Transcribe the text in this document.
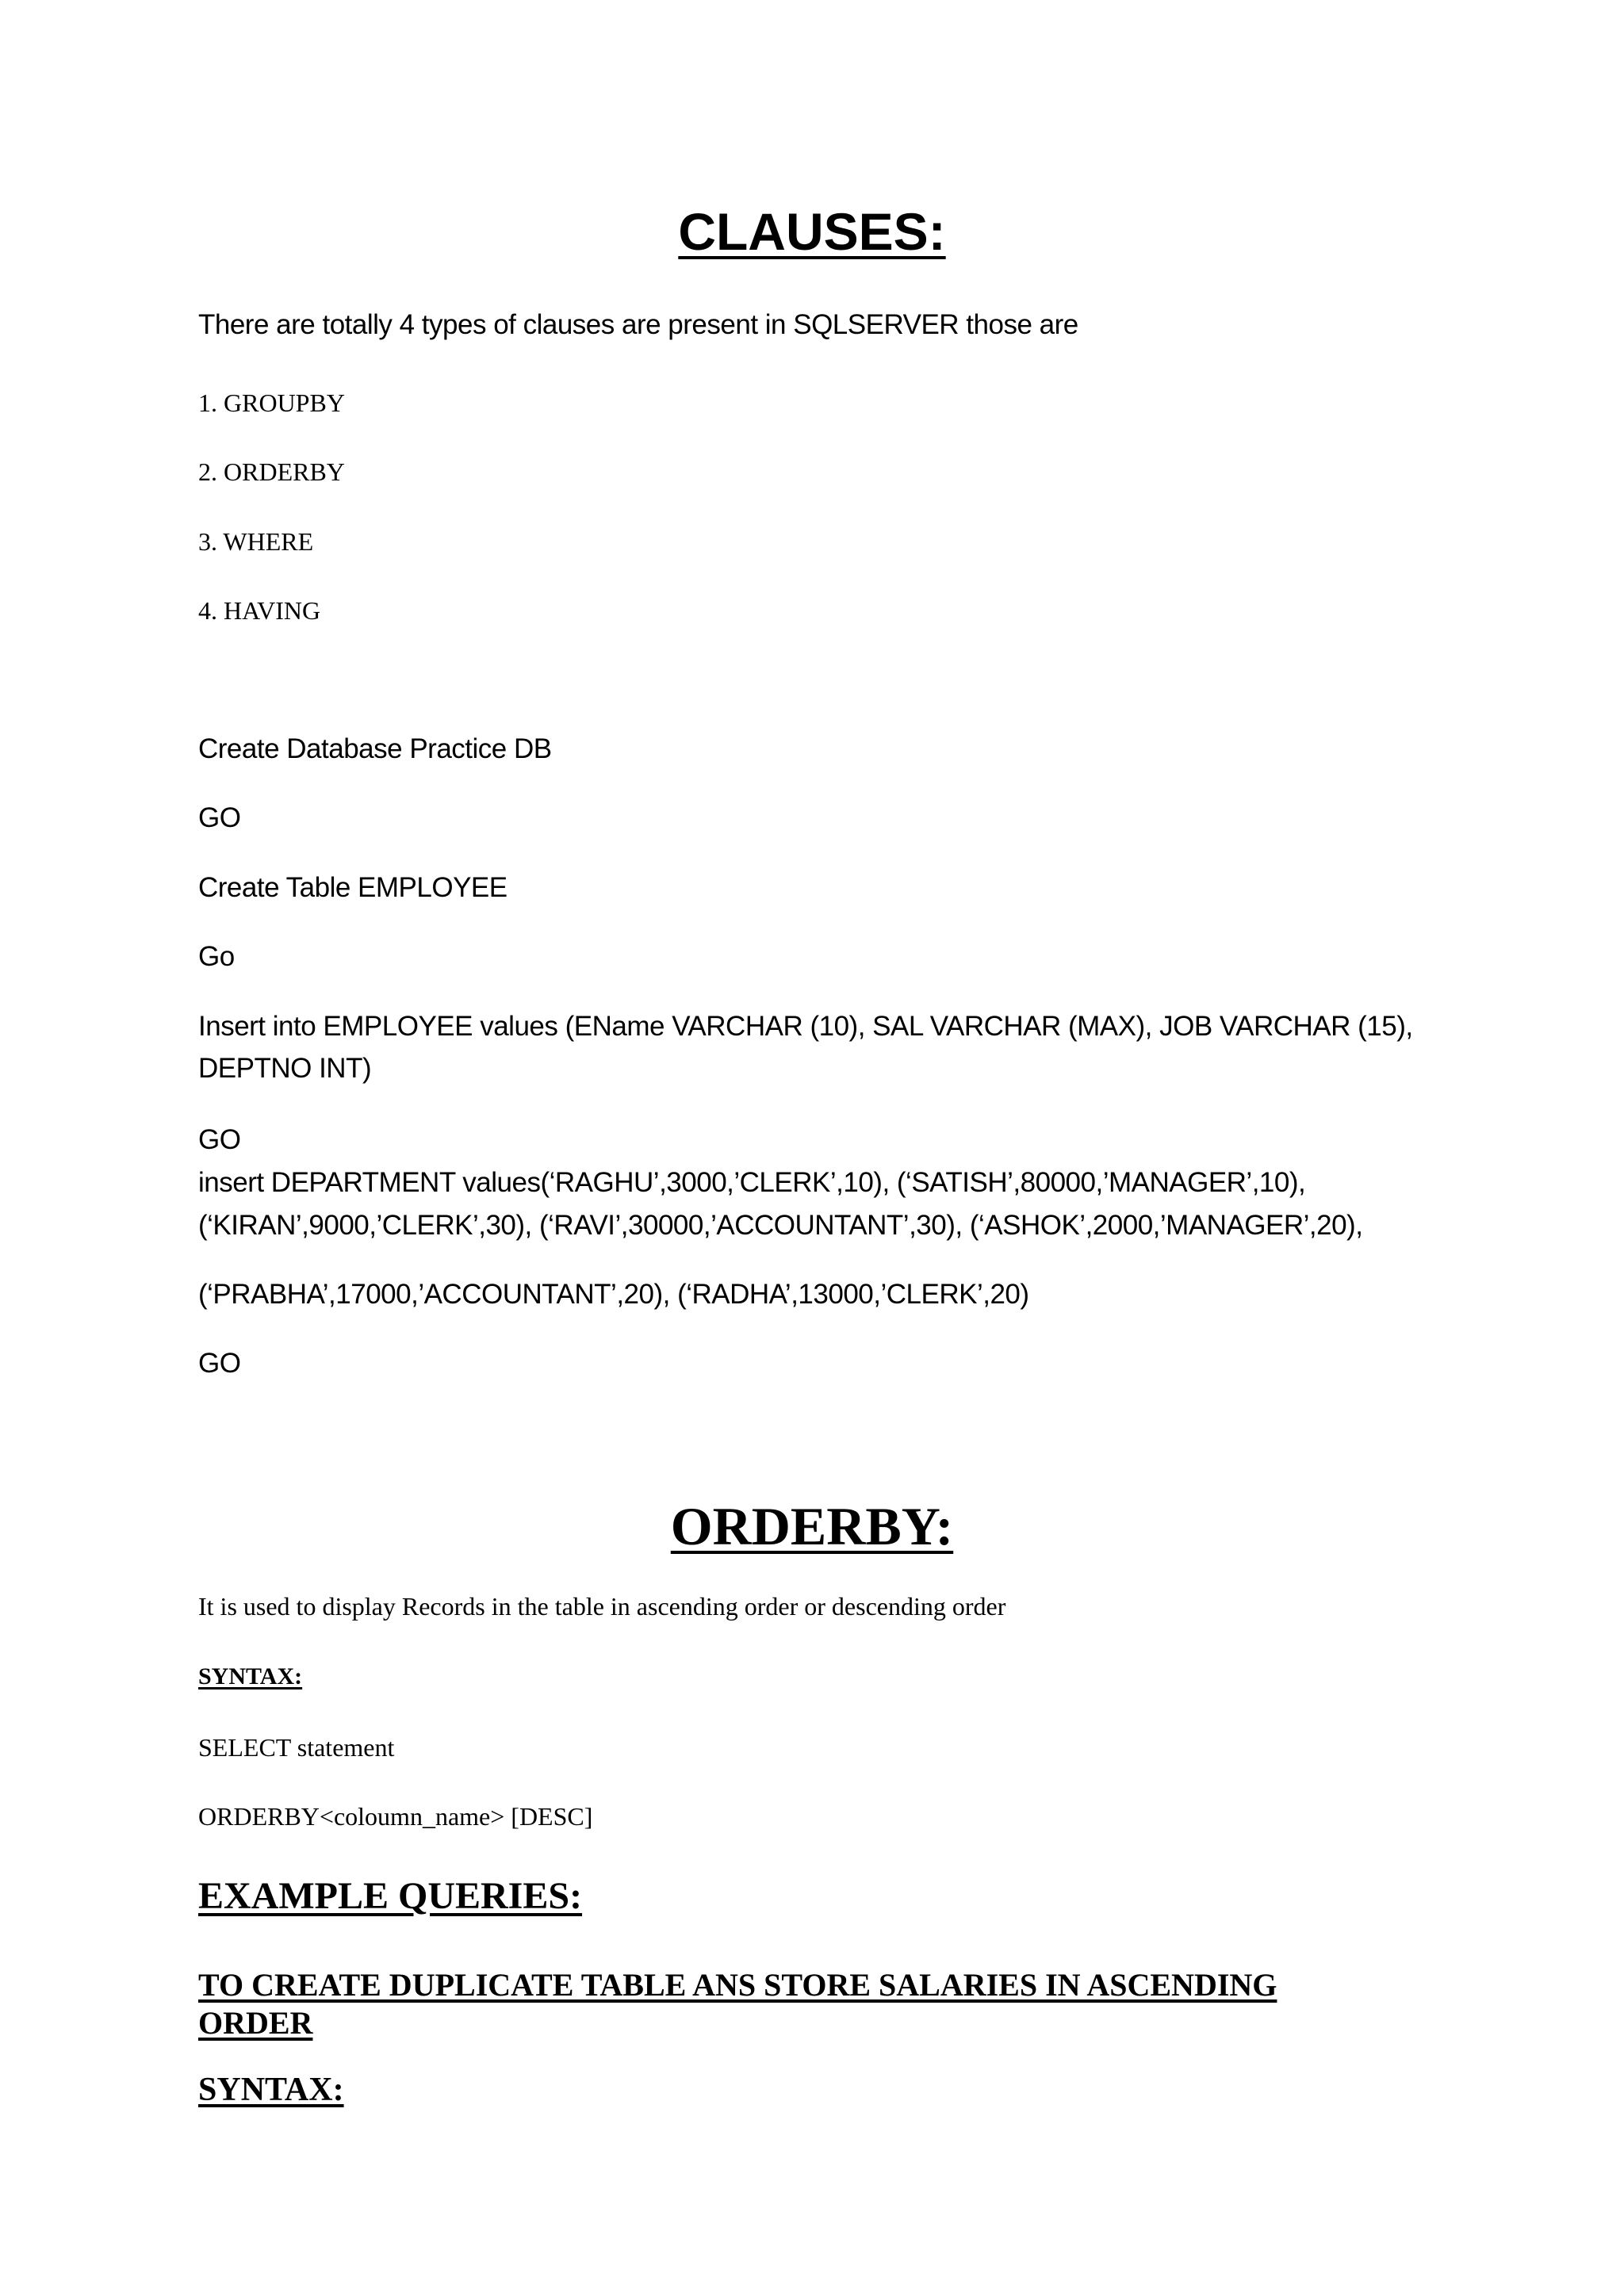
CLAUSES:

There are totally 4 types of clauses are present in SQLSERVER those are

1. GROUPBY

2. ORDERBY

3. WHERE

4. HAVING

Create Database Practice DB

GO

Create Table EMPLOYEE

Go

Insert into EMPLOYEE values (EName VARCHAR (10), SAL VARCHAR (MAX), JOB VARCHAR (15),

DEPTNO INT)

GO

insert DEPARTMENT values(‘RAGHU’,3000,’CLERK’,10), (‘SATISH’,80000,’MANAGER’,10),

(‘KIRAN’,9000,’CLERK’,30), (‘RAVI’,30000,’ACCOUNTANT’,30), (‘ASHOK’,2000,’MANAGER’,20),

(‘PRABHA’,17000,’ACCOUNTANT’,20), (‘RADHA’,13000,’CLERK’,20)

GO

ORDERBY:

It is used to display Records in the table in ascending order or descending order

SYNTAX:

SELECT statement

ORDERBY<coloumn_name> [DESC]

EXAMPLE QUERIES:
TO CREATE DUPLICATE TABLE ANS STORE SALARIES IN ASCENDING ORDER
SYNTAX:
